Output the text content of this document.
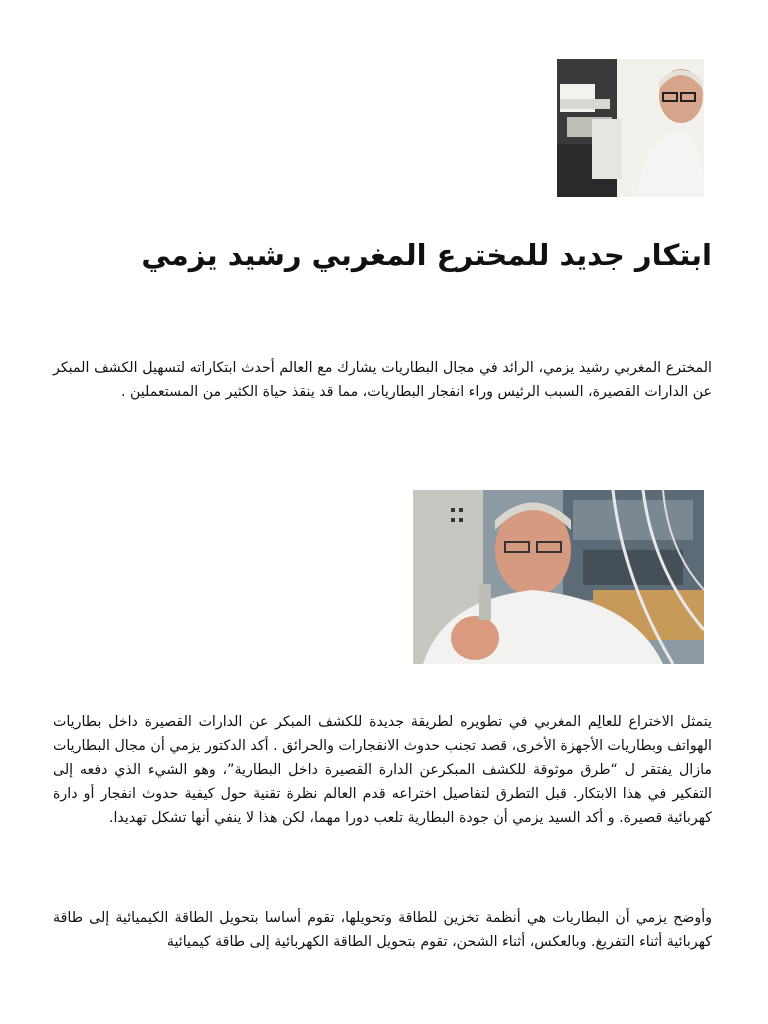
ابتكار جديد للمخترع المغربي رشيد يزمي

المخترع المغربي رشيد يزمي، الرائد في مجال البطاريات يشارك مع العالم أحدث ابتكاراته لتسهيل الكشف المبكر عن الدارات القصيرة، السبب الرئيس وراء انفجار البطاريات، مما قد ينقذ حياة الكثير من المستعملين .

يتمثل الاختراع للعالِم المغربي في تطويره لطريقة جديدة للكشف المبكر عن الدارات القصيرة داخل بطاريات الهواتف وبطاريات الأجهزة الأخرى، قصد تجنب حدوث الانفجارات والحرائق . أكد الدكتور يزمي أن مجال البطاريات مازال يفتقر ل “طرق موثوقة للكشف المبكرعن الدارة القصيرة داخل البطارية”، وهو الشيء الذي دفعه إلى التفكير في هذا الابتكار. قبل التطرق لتفاصيل اختراعه قدم العالم نظرة تقنية حول كيفية حدوث انفجار أو دارة كهربائية قصيرة. و أكد السيد يزمي أن جودة البطارية تلعب دورا مهما، لكن هذا لا ينفي أنها تشكل تهديدا.

وأوضح يزمي أن البطاريات هي أنظمة تخزين للطاقة وتحويلها، تقوم أساسا بتحويل الطاقة الكيميائية إلى طاقة كهربائية أثناء التفريغ. وبالعكس، أثناء الشحن، تقوم بتحويل الطاقة الكهربائية إلى طاقة كيميائية
